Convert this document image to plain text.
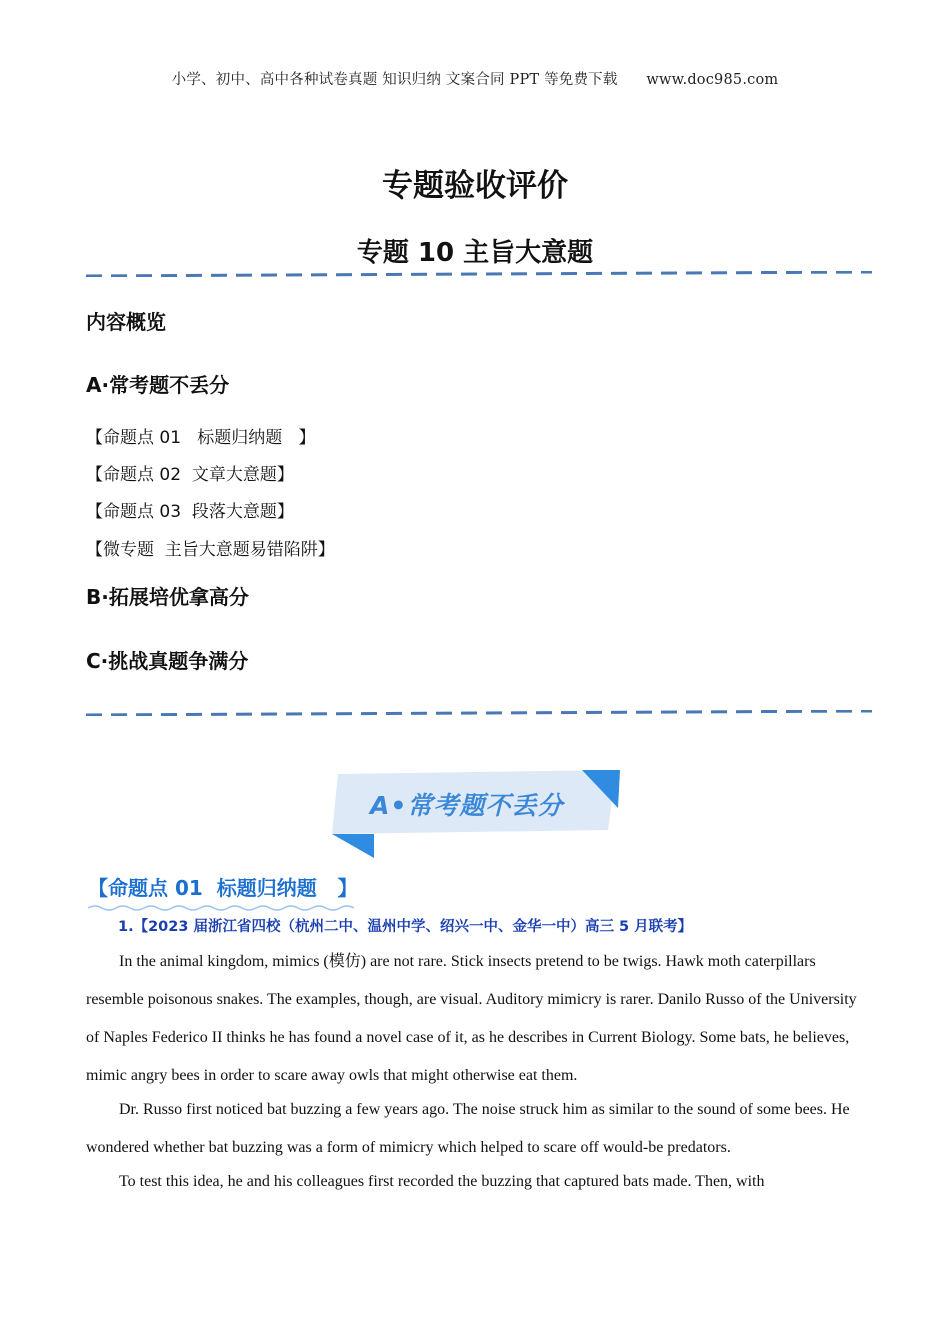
小学、初中、高中各种试卷真题 知识归纳 文案合同 PPT 等免费下载 www.doc985.com
专题验收评价
专题 10 主旨大意题
内容概览
A·常考题不丢分
【命题点 01   标题归纳题   】
【命题点 02  文章大意题】
【命题点 03  段落大意题】
【微专题  主旨大意题易错陷阱】
B·拓展培优拿高分
C·挑战真题争满分
A•常考题不丢分
【命题点 01  标题归纳题   】
1.【2023 届浙江省四校（杭州二中、温州中学、绍兴一中、金华一中）高三 5 月联考】

In the animal kingdom, mimics (模仿) are not rare. Stick insects pretend to be twigs. Hawk moth caterpillars resemble poisonous snakes. The examples, though, are visual. Auditory mimicry is rarer. Danilo Russo of the University of Naples Federico II thinks he has found a novel case of it, as he describes in Current Biology. Some bats, he believes, mimic angry bees in order to scare away owls that might otherwise eat them.

Dr. Russo first noticed bat buzzing a few years ago. The noise struck him as similar to the sound of some bees. He wondered whether bat buzzing was a form of mimicry which helped to scare off would-be predators.

To test this idea, he and his colleagues first recorded the buzzing that captured bats made. Then, with
